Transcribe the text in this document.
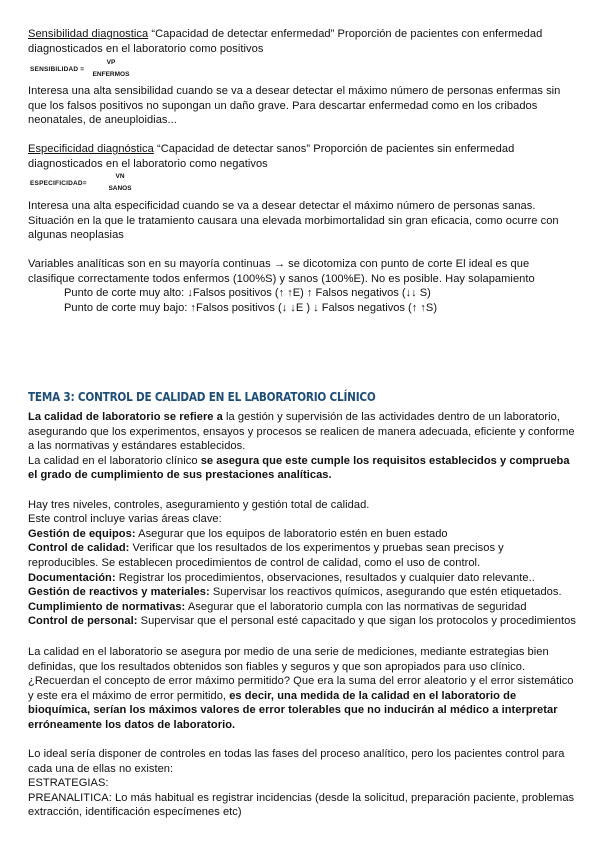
Sensibilidad diagnostica “Capacidad de detectar enfermedad” Proporción de pacientes con enfermedad
diagnosticados en el laboratorio como positivos
SENSIBILIDAD =
VP
ENFERMOS
Interesa una alta sensibilidad cuando se va a desear detectar el máximo número de personas enfermas sin
que los falsos positivos no supongan un daño grave. Para descartar enfermedad como en los cribados
neonatales, de aneuploidias...
Especificidad diagnóstica “Capacidad de detectar sanos” Proporción de pacientes sin enfermedad
diagnosticados en el laboratorio como negativos
ESPECIFICIDAD=
VN
SANOS
Interesa una alta especificidad cuando se va a desear detectar el máximo número de personas sanas.
Situación en la que le tratamiento causara una elevada morbimortalidad sin gran eficacia, como ocurre con
algunas neoplasias
Variables analíticas son en su mayoría continuas → se dicotomiza con punto de corte El ideal es que
clasifique correctamente todos enfermos (100%S) y sanos (100%E). No es posible. Hay solapamiento
Punto de corte muy alto: ↓Falsos positivos (↑ ↑E) ↑ Falsos negativos (↓↓ S)
Punto de corte muy bajo: ↑Falsos positivos (↓ ↓E ) ↓ Falsos negativos (↑ ↑S)
TEMA 3: CONTROL DE CALIDAD EN EL LABORATORIO CLÍNICO
La calidad de laboratorio se refiere a la gestión y supervisión de las actividades dentro de un laboratorio,
asegurando que los experimentos, ensayos y procesos se realicen de manera adecuada, eficiente y conforme
a las normativas y estándares establecidos.
La calidad en el laboratorio clínico se asegura que este cumple los requisitos establecidos y comprueba
el grado de cumplimiento de sus prestaciones analíticas.
Hay tres niveles, controles, aseguramiento y gestión total de calidad.
Este control incluye varias áreas clave:
Gestión de equipos: Asegurar que los equipos de laboratorio estén en buen estado
Control de calidad: Verificar que los resultados de los experimentos y pruebas sean precisos y
reproducibles. Se establecen procedimientos de control de calidad, como el uso de control.
Documentación: Registrar los procedimientos, observaciones, resultados y cualquier dato relevante..
Gestión de reactivos y materiales: Supervisar los reactivos químicos, asegurando que estén etiquetados.
Cumplimiento de normativas: Asegurar que el laboratorio cumpla con las normativas de seguridad
Control de personal: Supervisar que el personal esté capacitado y que sigan los protocolos y procedimientos
La calidad en el laboratorio se asegura por medio de una serie de mediciones, mediante estrategias bien
definidas, que los resultados obtenidos son fiables y seguros y que son apropiados para uso clínico.
¿Recuerdan el concepto de error máximo permitido? Que era la suma del error aleatorio y el error sistemático
y este era el máximo de error permitido, es decir, una medida de la calidad en el laboratorio de
bioquímica, serían los máximos valores de error tolerables que no inducirán al médico a interpretar
erróneamente los datos de laboratorio.
Lo ideal sería disponer de controles en todas las fases del proceso analítico, pero los pacientes control para
cada una de ellas no existen:
ESTRATEGIAS:
PREANALITICA: Lo más habitual es registrar incidencias (desde la solicitud, preparación paciente, problemas
extracción, identificación especímenes etc)
